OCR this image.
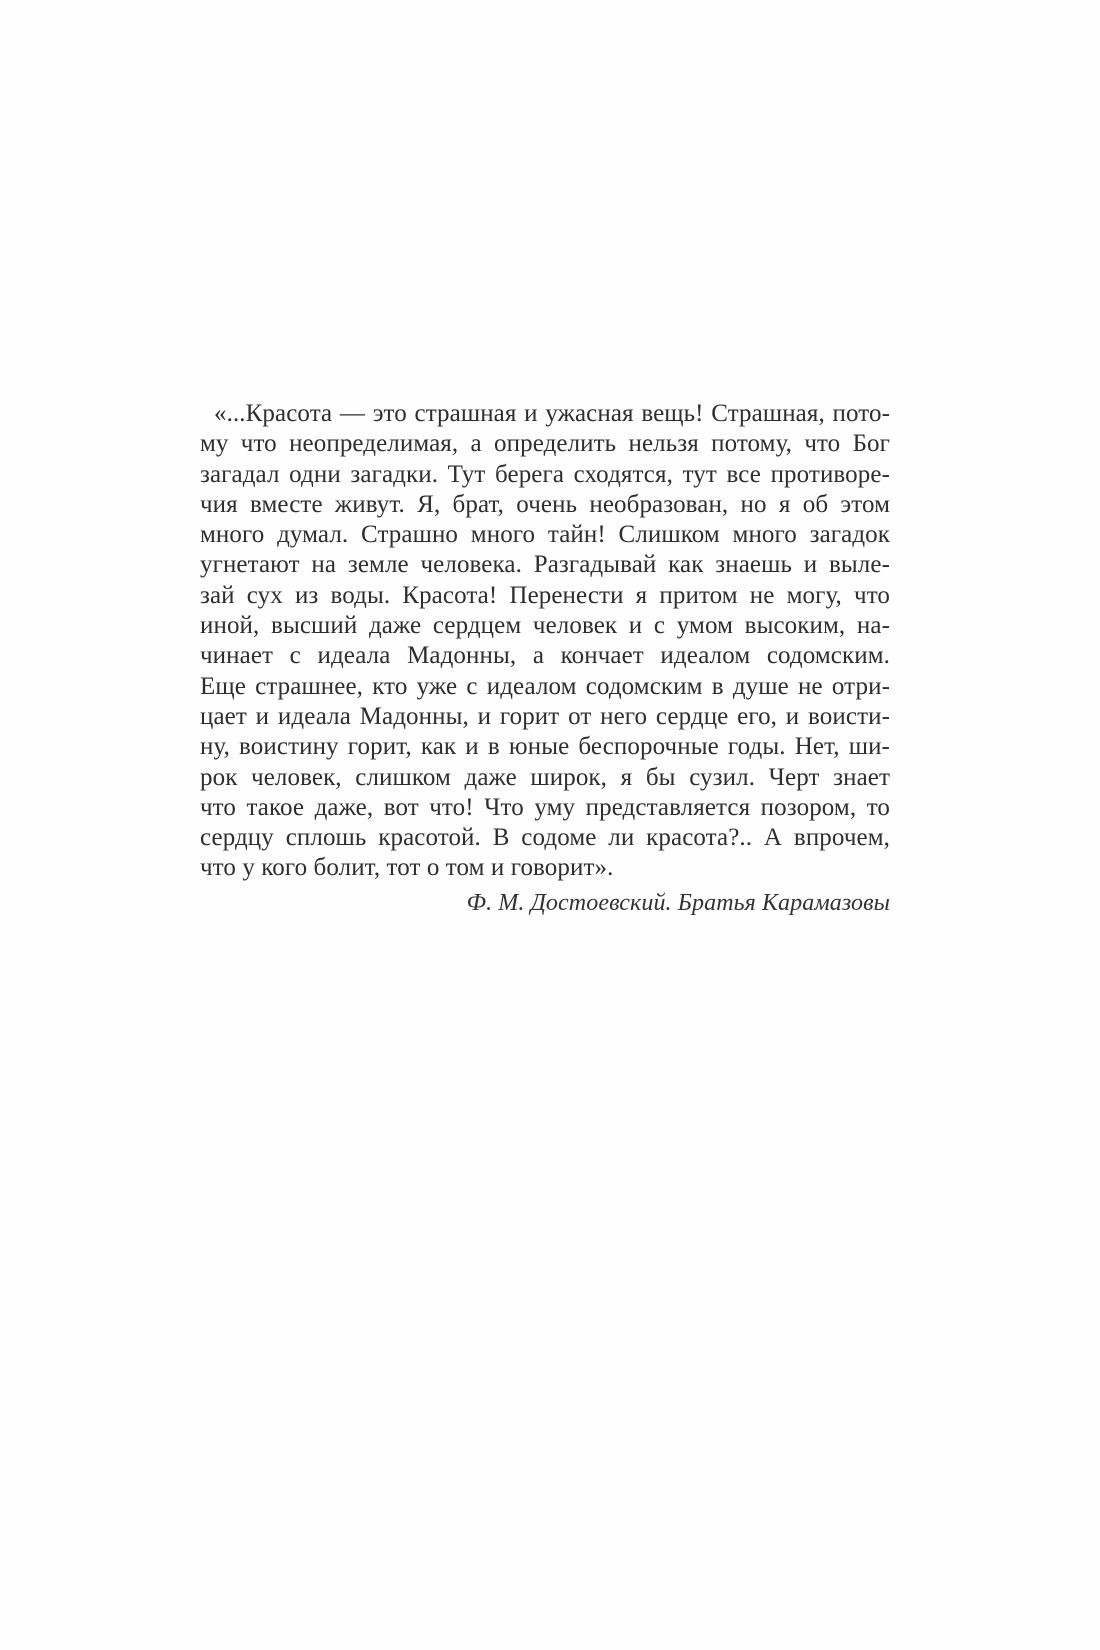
«...Красота — это страшная и ужасная вещь! Страшная, пото-
му что неопределимая, а определить нельзя потому, что Бог
загадал одни загадки. Тут берега сходятся, тут все противоре-
чия вместе живут. Я, брат, очень необразован, но я об этом
много думал. Страшно много тайн! Слишком много загадок
угнетают на земле человека. Разгадывай как знаешь и выле-
зай сух из воды. Красота! Перенести я притом не могу, что
иной, высший даже сердцем человек и с умом высоким, на-
чинает с идеала Мадонны, а кончает идеалом содомским.
Еще страшнее, кто уже с идеалом содомским в душе не отри-
цает и идеала Мадонны, и горит от него сердце его, и воисти-
ну, воистину горит, как и в юные беспорочные годы. Нет, ши-
рок человек, слишком даже широк, я бы сузил. Черт знает
что такое даже, вот что! Что уму представляется позором, то
сердцу сплошь красотой. В содоме ли красота?.. А впрочем,
что у кого болит, тот о том и говорит».
Ф. М. Достоевский. Братья Карамазовы
